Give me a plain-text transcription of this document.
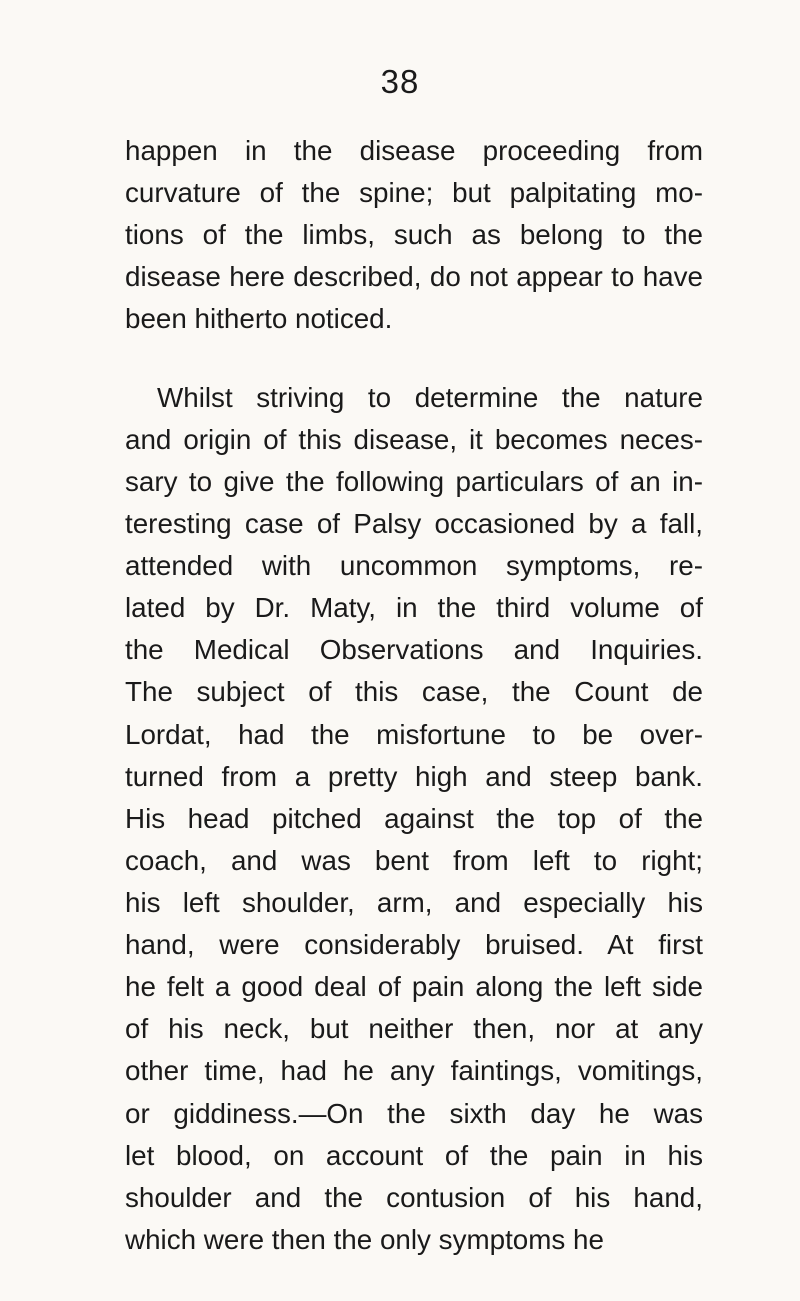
38
happen in the disease proceeding from
curvature of the spine; but palpitating mo-
tions of the limbs, such as belong to the
disease here described, do not appear to have
been hitherto noticed.
Whilst striving to determine the nature
and origin of this disease, it becomes neces-
sary to give the following particulars of an in-
teresting case of Palsy occasioned by a fall,
attended with uncommon symptoms, re-
lated by Dr. Maty, in the third volume of
the Medical Observations and Inquiries.
The subject of this case, the Count de
Lordat, had the misfortune to be over-
turned from a pretty high and steep bank.
His head pitched against the top of the
coach, and was bent from left to right;
his left shoulder, arm, and especially his
hand, were considerably bruised. At first
he felt a good deal of pain along the left side
of his neck, but neither then, nor at any
other time, had he any faintings, vomitings,
or giddiness.—On the sixth day he was
let blood, on account of the pain in his
shoulder and the contusion of his hand,
which were then the only symptoms he
